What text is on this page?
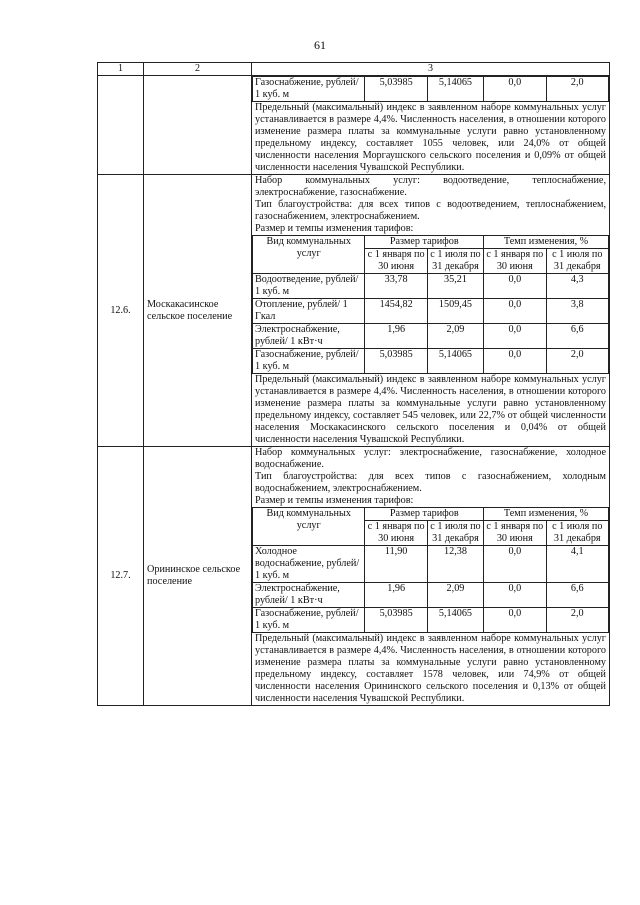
61
1	2	3

Газоснабжение, рублей/ 1 куб. м	5,03985	5,14065	0,0	2,0
Предельный (максимальный) индекс в заявленном наборе коммунальных услуг устанавливается в размере 4,4%. Численность населения, в отношении которого изменение размера платы за коммунальные услуги равно установленному предельному индексу, составляет 1055 человек, или 24,0% от общей численности населения Моргаушского сельского поселения и 0,09% от общей численности населения Чувашской Республики.

12.6.	Москакасинское сельское поселение	
Набор коммунальных услуг: водоотведение, теплоснабжение, электроснабжение, газоснабжение.
Тип благоустройства: для всех типов с водоотведением, теплоснабжением, газоснабжением, электроснабжением.
Размер и темпы изменения тарифов:
Вид коммунальных услуг	Размер тарифов	Темп изменения, %
с 1 января по 30 июня	с 1 июля по 31 декабря	с 1 января по 30 июня	с 1 июля по 31 декабря
Водоотведение, рублей/ 1 куб. м	33,78	35,21	0,0	4,3
Отопление, рублей/ 1 Гкал	1454,82	1509,45	0,0	3,8
Электроснабжение, рублей/ 1 кВт·ч	1,96	2,09	0,0	6,6
Газоснабжение, рублей/ 1 куб. м	5,03985	5,14065	0,0	2,0
Предельный (максимальный) индекс в заявленном наборе коммунальных услуг устанавливается в размере 4,4%. Численность населения, в отношении которого изменение размера платы за коммунальные услуги равно установленному предельному индексу, составляет 545 человек, или 22,7% от общей численности населения Москакасинского сельского поселения и 0,04% от общей численности населения Чувашской Республики.

12.7.	Орининское сельское поселение	
Набор коммунальных услуг: электроснабжение, газоснабжение, холодное водоснабжение.
Тип благоустройства: для всех типов с газоснабжением, холодным водоснабжением, электроснабжением.
Размер и темпы изменения тарифов:
Вид коммунальных услуг	Размер тарифов	Темп изменения, %
с 1 января по 30 июня	с 1 июля по 31 декабря	с 1 января по 30 июня	с 1 июля по 31 декабря
Холодное водоснабжение, рублей/ 1 куб. м	11,90	12,38	0,0	4,1
Электроснабжение, рублей/ 1 кВт·ч	1,96	2,09	0,0	6,6
Газоснабжение, рублей/ 1 куб. м	5,03985	5,14065	0,0	2,0
Предельный (максимальный) индекс в заявленном наборе коммунальных услуг устанавливается в размере 4,4%. Численность населения, в отношении которого изменение размера платы за коммунальные услуги равно установленному предельному индексу, составляет 1578 человек, или 74,9% от общей численности населения Орининского сельского поселения и 0,13% от общей численности населения Чувашской Республики.
